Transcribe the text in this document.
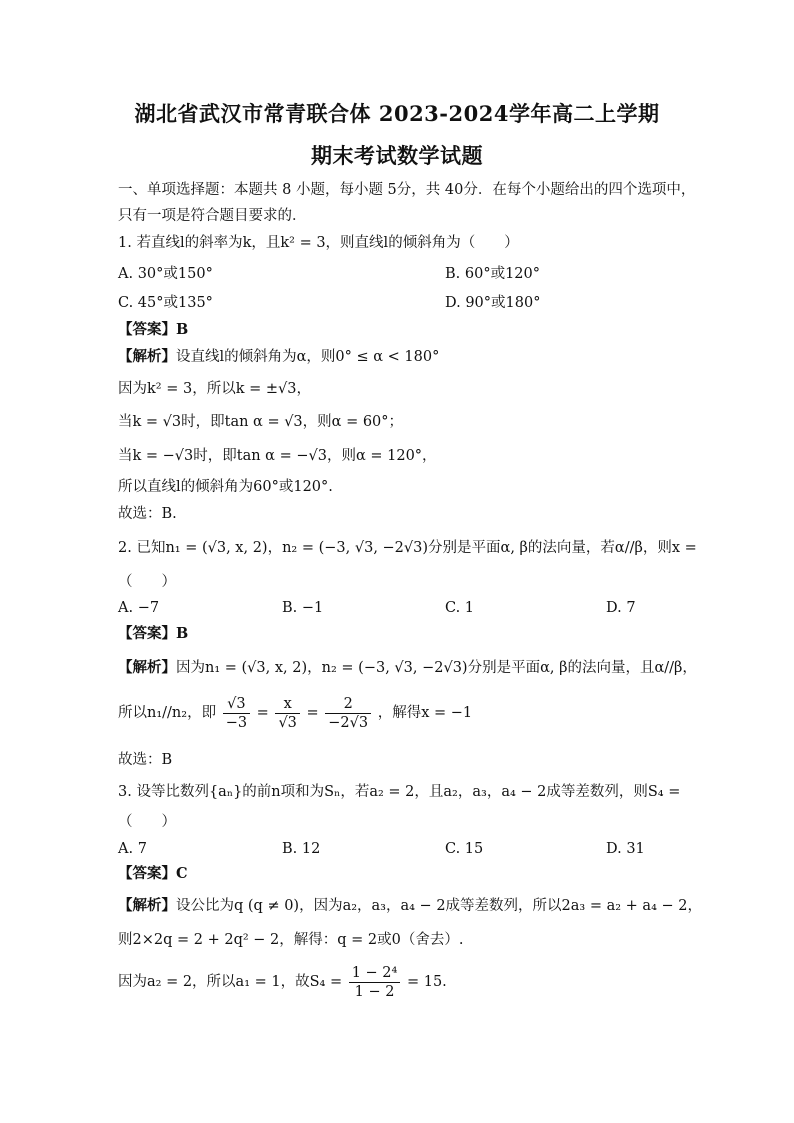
湖北省武汉市常青联合体 2023-2024学年高二上学期
期末考试数学试题
一、单项选择题：本题共 8 小题，每小题 5分，共 40分．在每个小题给出的四个选项中，
只有一项是符合题目要求的．
1. 若直线l的斜率为k，且k² = 3，则直线l的倾斜角为（　　）
A. 30°或150°	B. 60°或120°
C. 45°或135°	D. 90°或180°
【答案】B
【解析】设直线l的倾斜角为α，则0° ≤ α < 180°
因为k² = 3，所以k = ±√3，
当k = √3时，即tan α = √3，则α = 60°；
当k = −√3时，即tan α = −√3，则α = 120°，
所以直线l的倾斜角为60°或120°.
故选：B.
2. 已知n₁ = (√3, x, 2)，n₂ = (−3, √3, −2√3)分别是平面α, β的法向量，若α//β，则x =
（　　）
A. −7	B. −1	C. 1	D. 7
【答案】B
【解析】因为n₁ = (√3, x, 2)，n₂ = (−3, √3, −2√3)分别是平面α, β的法向量，且α//β，
所以n₁//n₂，即 $\frac{√3}{-3} = \frac{x}{√3} = \frac{2}{-2√3}$ ，解得x = −1
故选：B
3. 设等比数列{aₙ}的前n项和为Sₙ，若a₂ = 2，且a₂，a₃，a₄ − 2成等差数列，则S₄ =
（　　）
A. 7	B. 12	C. 15	D. 31
【答案】C
【解析】设公比为q (q ≠ 0)，因为a₂，a₃，a₄ − 2成等差数列，所以2a₃ = a₂ + a₄ − 2，
则2×2q = 2 + 2q² − 2，解得：q = 2或0（舍去）.
因为a₂ = 2，所以a₁ = 1，故$S_4 = \frac{\text{1 − 2⁴}}{1 - 2} = 15$.
